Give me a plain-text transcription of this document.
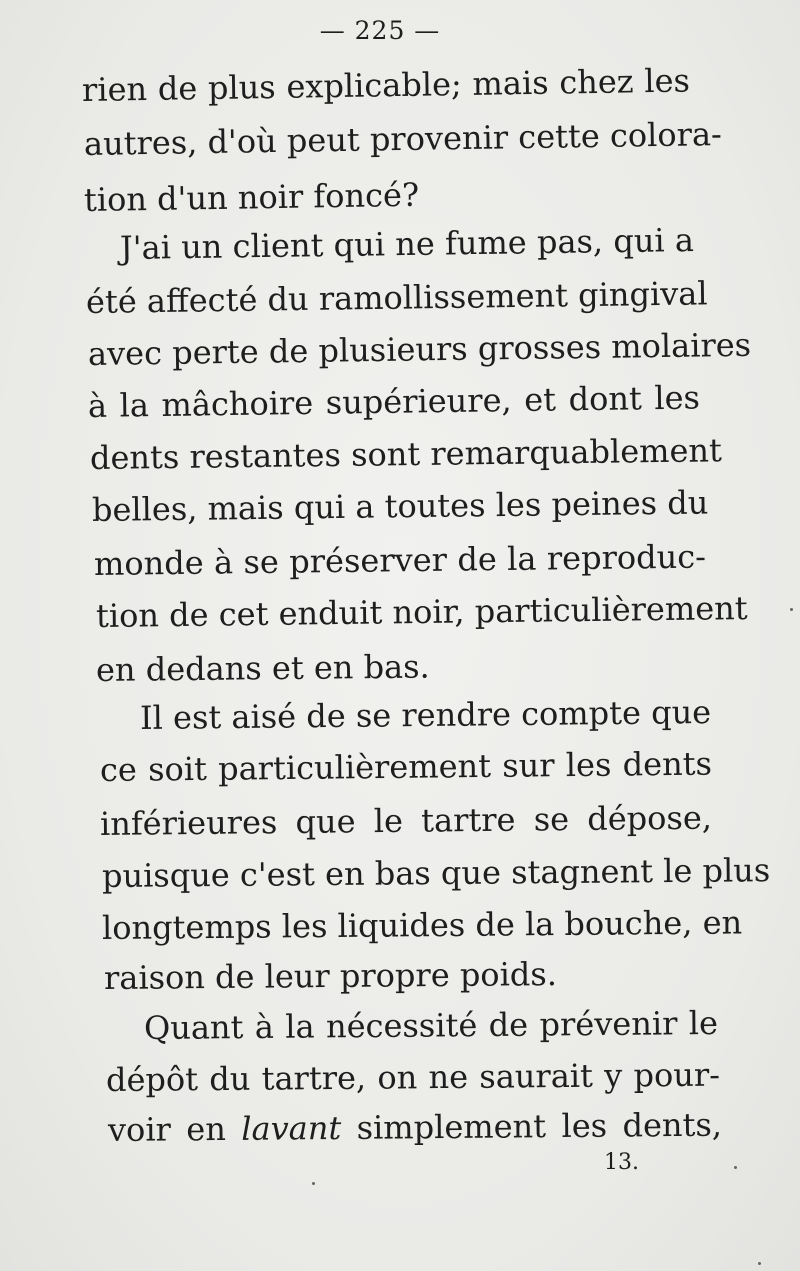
— 225 —
rien de plus explicable; mais chez les
autres, d'où peut provenir cette colora-
tion d'un noir foncé?
J'ai un client qui ne fume pas, qui a
été affecté du ramollissement gingival
avec perte de plusieurs grosses molaires
à la mâchoire supérieure, et dont les
dents restantes sont remarquablement
belles, mais qui a toutes les peines du
monde à se préserver de la reproduc-
tion de cet enduit noir, particulièrement
en dedans et en bas.
Il est aisé de se rendre compte que
ce soit particulièrement sur les dents
inférieures que le tartre se dépose,
puisque c'est en bas que stagnent le plus
longtemps les liquides de la bouche, en
raison de leur propre poids.
Quant à la nécessité de prévenir le
dépôt du tartre, on ne saurait y pour-
voir en lavant simplement les dents,
13.
